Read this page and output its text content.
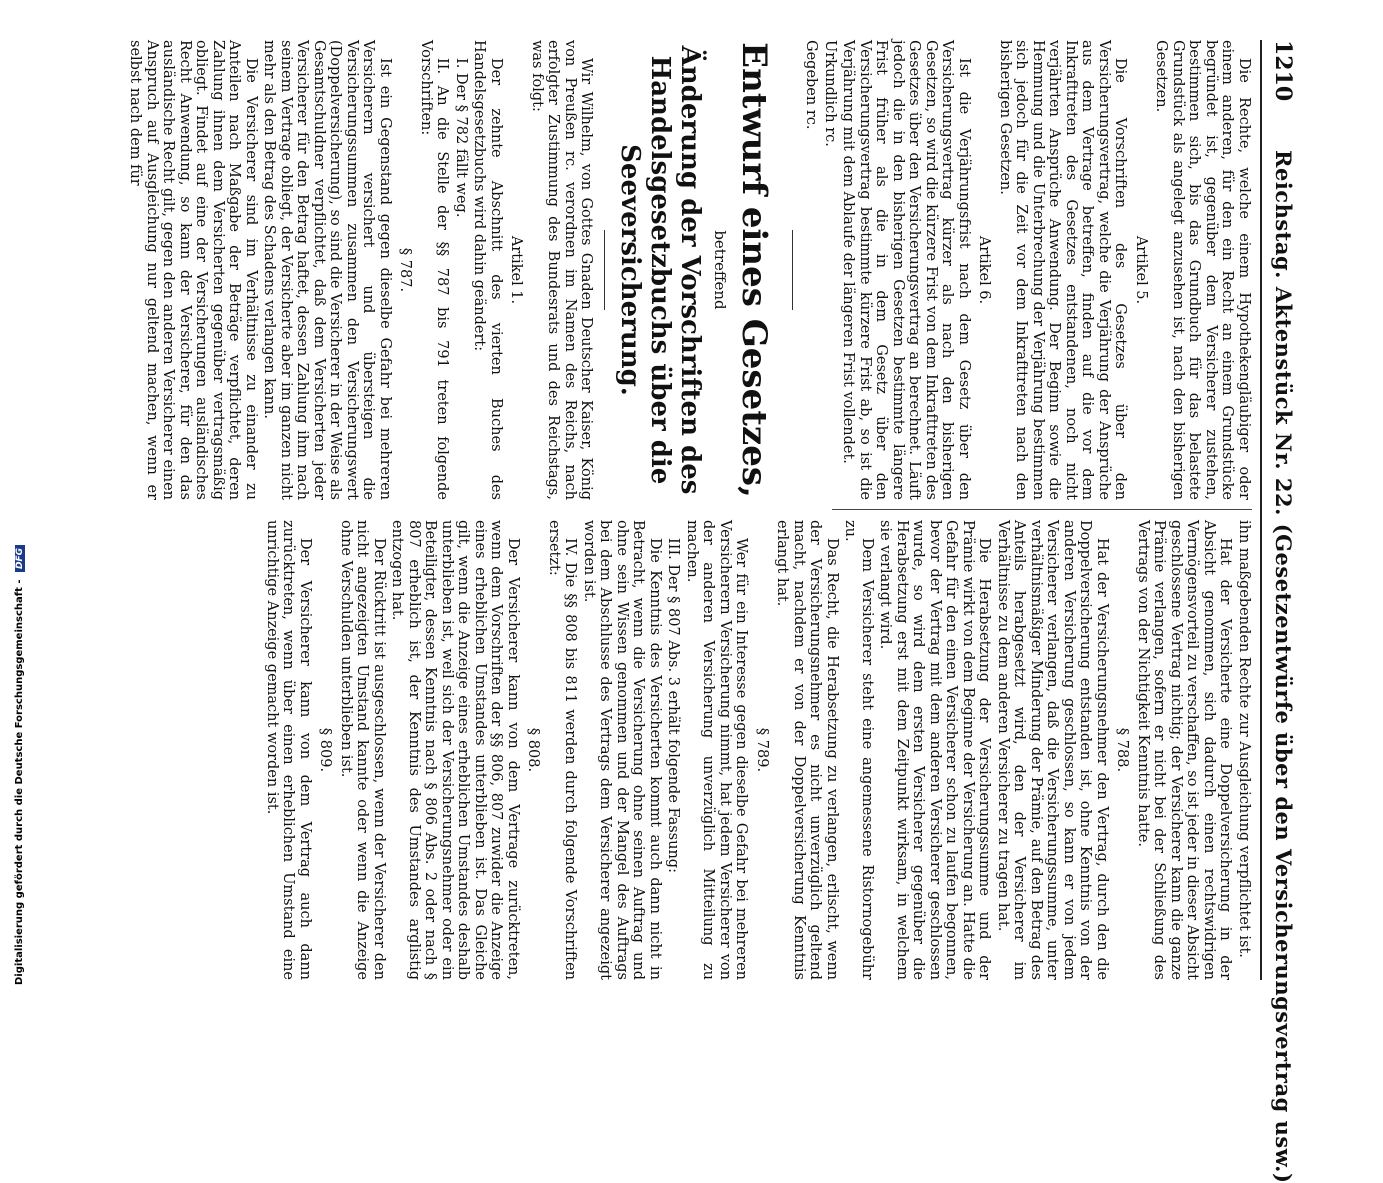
1210
Reichstag. Aktenstück Nr. 22. (Gesetzentwürfe über den Versicherungsvertrag usw.)

Die Rechte, welche einem Hypothekengläubiger oder einem anderen, für den ein Recht an einem Grundstücke begründet ist, gegenüber dem Versicherer zustehen, bestimmen sich, bis das Grundbuch für das belastete Grundstück als angelegt anzusehen ist, nach den bisherigen Gesetzen.

Artikel 5.

Die Vorschriften des Gesetzes über den Versicherungsvertrag, welche die Verjährung der Ansprüche aus dem Vertrage betreffen, finden auf die vor dem Inkrafttreten des Gesetzes entstandenen, noch nicht verjährten Ansprüche Anwendung. Der Beginn sowie die Hemmung und die Unterbrechung der Verjährung bestimmen sich jedoch für die Zeit vor dem Inkrafttreten nach den bisherigen Gesetzen.

Artikel 6.

Ist die Verjährungsfrist nach dem Gesetz über den Versicherungsvertrag kürzer als nach den bisherigen Gesetzen, so wird die kürzere Frist von dem Inkrafttreten des Gesetzes über den Versicherungsvertrag an berechnet. Läuft jedoch die in den bisherigen Gesetzen bestimmte längere Frist früher als die in dem Gesetz über den Versicherungsvertrag bestimmte kürzere Frist ab, so ist die Verjährung mit dem Ablaufe der längeren Frist vollendet.

Urkundlich rc.

Gegeben rc.

Entwurf eines Gesetzes,

betreffend

Änderung der Vorschriften des Handelsgesetzbuchs über die Seeversicherung.

Wir Wilhelm, von Gottes Gnaden Deutscher Kaiser, König von Preußen rc. verordnen im Namen des Reichs, nach erfolgter Zustimmung des Bundesrats und des Reichstags, was folgt:

Artikel 1.

Der zehnte Abschnitt des vierten Buches des Handelsgesetzbuchs wird dahin geändert:

I. Der § 782 fällt weg.

II. An die Stelle der §§ 787 bis 791 treten folgende Vorschriften:

§ 787.

Ist ein Gegenstand gegen dieselbe Gefahr bei mehreren Versicherern versichert und übersteigen die Versicherungssummen zusammen den Versicherungswert (Doppelversicherung), so sind die Versicherer in der Weise als Gesamtschuldner verpflichtet, daß dem Versicherten jeder Versicherer für den Betrag haftet, dessen Zahlung ihm nach seinem Vertrage obliegt, der Versicherte aber im ganzen nicht mehr als den Betrag des Schadens verlangen kann.

Die Versicherer sind im Verhältnisse zu einander zu Anteilen nach Maßgabe der Beträge verpflichtet, deren Zahlung ihnen dem Versicherten gegenüber vertragsmäßig obliegt. Findet auf eine der Versicherungen ausländisches Recht Anwendung, so kann der Versicherer, für den das ausländische Recht gilt, gegen den anderen Versicherer einen Anspruch auf Ausgleichung nur geltend machen, wenn er selbst nach dem für

ihn maßgebenden Rechte zur Ausgleichung verpflichtet ist.

Hat der Versicherte eine Doppelversicherung in der Absicht genommen, sich dadurch einen rechtswidrigen Vermögensvorteil zu verschaffen, so ist jeder in dieser Absicht geschlossene Vertrag nichtig; der Versicherer kann die ganze Prämie verlangen, sofern er nicht bei der Schließung des Vertrags von der Nichtigkeit Kenntnis hatte.

§ 788.

Hat der Versicherungsnehmer den Vertrag, durch den die Doppelversicherung entstanden ist, ohne Kenntnis von der anderen Versicherung geschlossen, so kann er von jedem Versicherer verlangen, daß die Versicherungssumme, unter verhältnismäßiger Minderung der Prämie, auf den Betrag des Anteils herabgesetzt wird, den der Versicherer im Verhältnisse zu dem anderen Versicherer zu tragen hat.

Die Herabsetzung der Versicherungssumme und der Prämie wirkt von dem Beginne der Versicherung an. Hatte die Gefahr für den einen Versicherer schon zu laufen begonnen, bevor der Vertrag mit dem anderen Versicherer geschlossen wurde, so wird dem ersten Versicherer gegenüber die Herabsetzung erst mit dem Zeitpunkt wirksam, in welchem sie verlangt wird.

Dem Versicherer steht eine angemessene Ristornogebühr zu.

Das Recht, die Herabsetzung zu verlangen, erlischt, wenn der Versicherungsnehmer es nicht unverzüglich geltend macht, nachdem er von der Doppelversicherung Kenntnis erlangt hat.

§ 789.

Wer für ein Interesse gegen dieselbe Gefahr bei mehreren Versicherern Versicherung nimmt, hat jedem Versicherer von der anderen Versicherung unverzüglich Mitteilung zu machen.

III. Der § 807 Abs. 3 erhält folgende Fassung:

Die Kenntnis des Versicherten kommt auch dann nicht in Betracht, wenn die Versicherung ohne seinen Auftrag und ohne sein Wissen genommen und der Mangel des Auftrags bei dem Abschlusse des Vertrags dem Versicherer angezeigt worden ist.

IV. Die §§ 808 bis 811 werden durch folgende Vorschriften ersetzt:

§ 808.

Der Versicherer kann von dem Vertrage zurücktreten, wenn dem Vorschriften der §§ 806, 807 zuwider die Anzeige eines erheblichen Umstandes unterblieben ist. Das Gleiche gilt, wenn die Anzeige eines erheblichen Umstandes deshalb unterblieben ist, weil sich der Versicherungsnehmer oder ein Beteiligter, dessen Kenntnis nach § 806 Abs. 2 oder nach § 807 erheblich ist, der Kenntnis des Umstandes arglistig entzogen hat.

Der Rücktritt ist ausgeschlossen, wenn der Versicherer den nicht angezeigten Umstand kannte oder wenn die Anzeige ohne Verschulden unterblieben ist.

§ 809.

Der Versicherer kann von dem Vertrag auch dann zurücktreten, wenn über einen erheblichen Umstand eine unrichtige Anzeige gemacht worden ist.

Digitalisierung gefördert durch die Deutsche Forschungsgemeinschaft - DFG
